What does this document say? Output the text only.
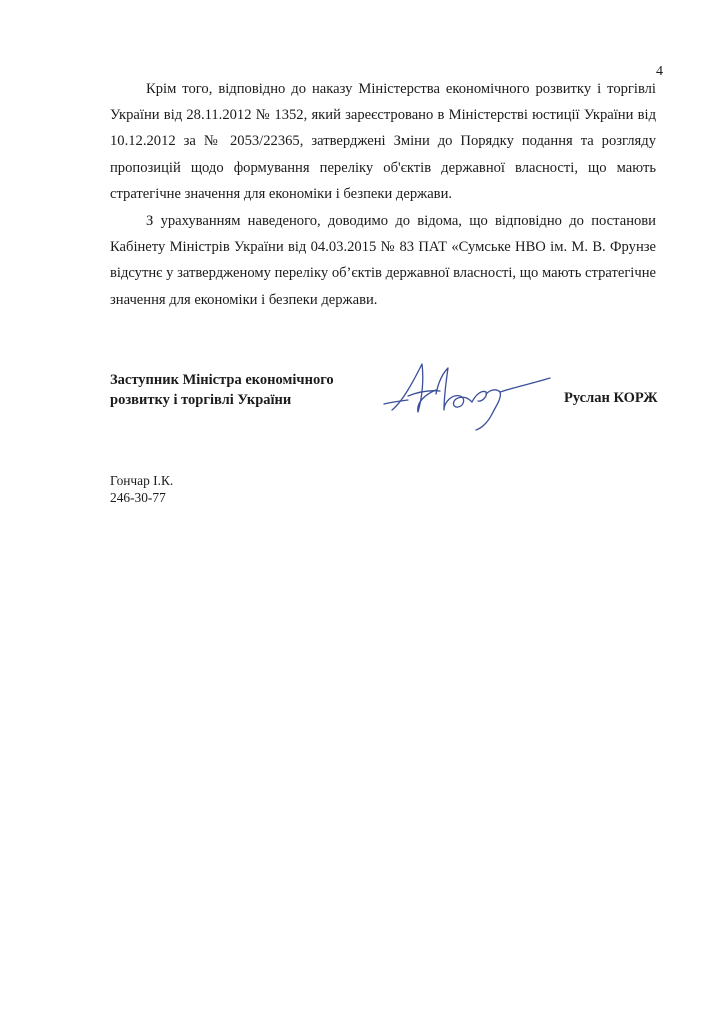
4

Крім того, відповідно до наказу Міністерства економічного розвитку і торгівлі України від 28.11.2012 № 1352, який зареєстровано в Міністерстві юстиції України від 10.12.2012 за № 2053/22365, затверджені Зміни до Порядку подання та розгляду пропозицій щодо формування переліку об'єктів державної власності, що мають стратегічне значення для економіки і безпеки держави.

З урахуванням наведеного, доводимо до відома, що відповідно до постанови Кабінету Міністрів України від 04.03.2015 № 83 ПАТ «Сумське НВО ім. М. В. Фрунзе відсутнє у затвердженому переліку об’єктів державної власності, що мають стратегічне значення для економіки і безпеки держави.

Заступник Міністра економічного
розвитку і торгівлі України	Руслан КОРЖ
Гончар І.К.
246-30-77
